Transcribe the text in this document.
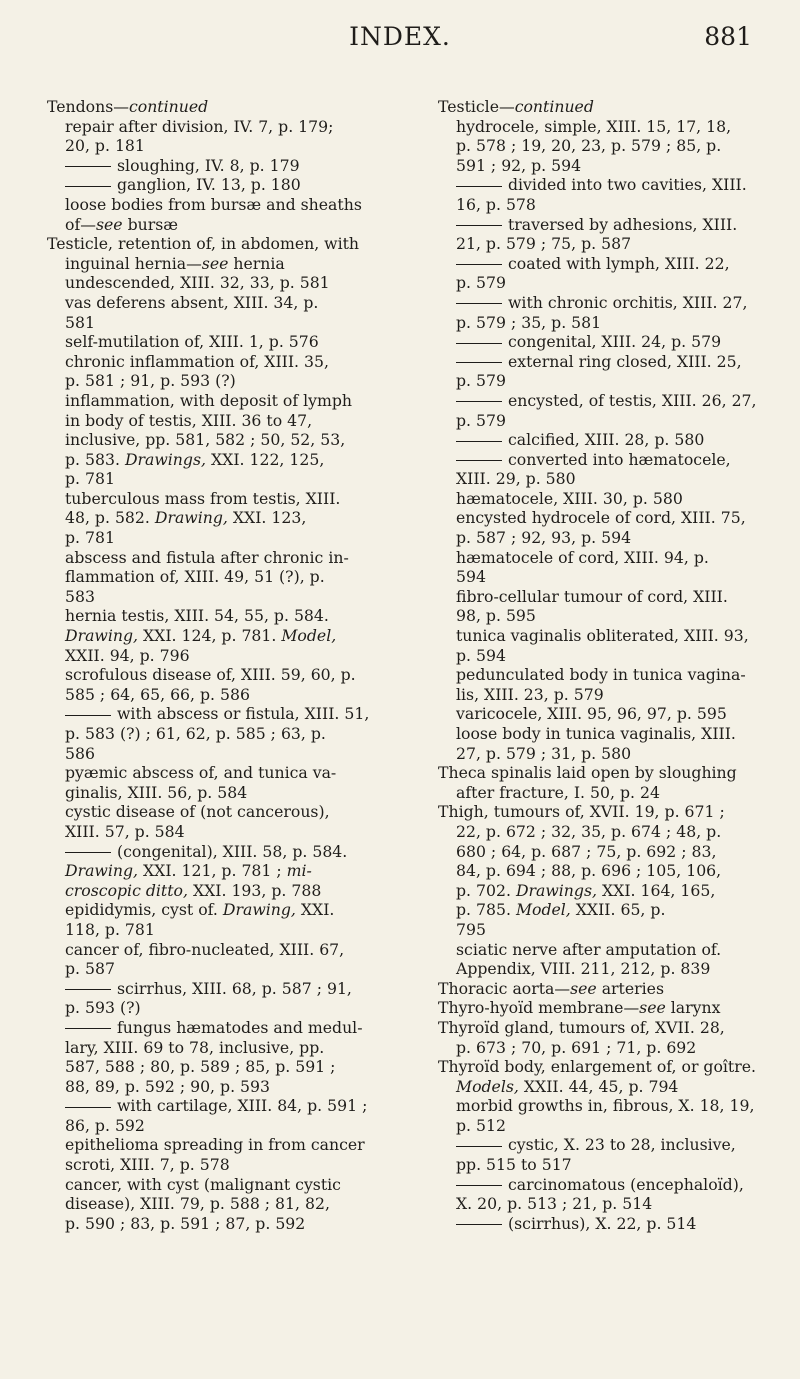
INDEX.	881
Tendons—continued
repair after division, IV. 7, p. 179;
20, p. 181
sloughing, IV. 8, p. 179
ganglion, IV. 13, p. 180
loose bodies from bursæ and sheaths
of—see bursæ
Testicle, retention of, in abdomen, with
inguinal hernia—see hernia
undescended, XIII. 32, 33, p. 581
vas deferens absent, XIII. 34, p.
581
self-mutilation of, XIII. 1, p. 576
chronic inflammation of, XIII. 35,
p. 581 ; 91, p. 593 (?)
inflammation, with deposit of lymph
in body of testis, XIII. 36 to 47,
inclusive, pp. 581, 582 ; 50, 52, 53,
p. 583. Drawings, XXI. 122, 125,
p. 781
tuberculous mass from testis, XIII.
48, p. 582. Drawing, XXI. 123,
p. 781
abscess and fistula after chronic in-
flammation of, XIII. 49, 51 (?), p.
583
hernia testis, XIII. 54, 55, p. 584.
Drawing, XXI. 124, p. 781. Model,
XXII. 94, p. 796
scrofulous disease of, XIII. 59, 60, p.
585 ; 64, 65, 66, p. 586
with abscess or fistula, XIII. 51,
p. 583 (?) ; 61, 62, p. 585 ; 63, p.
586
pyæmic abscess of, and tunica va-
ginalis, XIII. 56, p. 584
cystic disease of (not cancerous),
XIII. 57, p. 584
(congenital), XIII. 58, p. 584.
Drawing, XXI. 121, p. 781 ; mi-
croscopic ditto, XXI. 193, p. 788
epididymis, cyst of. Drawing, XXI.
118, p. 781
cancer of, fibro-nucleated, XIII. 67,
p. 587
scirrhus, XIII. 68, p. 587 ; 91,
p. 593 (?)
fungus hæmatodes and medul-
lary, XIII. 69 to 78, inclusive, pp.
587, 588 ; 80, p. 589 ; 85, p. 591 ;
88, 89, p. 592 ; 90, p. 593
with cartilage, XIII. 84, p. 591 ;
86, p. 592
epithelioma spreading in from cancer
scroti, XIII. 7, p. 578
cancer, with cyst (malignant cystic
disease), XIII. 79, p. 588 ; 81, 82,
p. 590 ; 83, p. 591 ; 87, p. 592
Testicle—continued
hydrocele, simple, XIII. 15, 17, 18,
p. 578 ; 19, 20, 23, p. 579 ; 85, p.
591 ; 92, p. 594
divided into two cavities, XIII.
16, p. 578
traversed by adhesions, XIII.
21, p. 579 ; 75, p. 587
coated with lymph, XIII. 22,
p. 579
with chronic orchitis, XIII. 27,
p. 579 ; 35, p. 581
congenital, XIII. 24, p. 579
external ring closed, XIII. 25,
p. 579
encysted, of testis, XIII. 26, 27,
p. 579
calcified, XIII. 28, p. 580
converted into hæmatocele,
XIII. 29, p. 580
hæmatocele, XIII. 30, p. 580
encysted hydrocele of cord, XIII. 75,
p. 587 ; 92, 93, p. 594
hæmatocele of cord, XIII. 94, p.
594
fibro-cellular tumour of cord, XIII.
98, p. 595
tunica vaginalis obliterated, XIII. 93,
p. 594
pedunculated body in tunica vagina-
lis, XIII. 23, p. 579
varicocele, XIII. 95, 96, 97, p. 595
loose body in tunica vaginalis, XIII.
27, p. 579 ; 31, p. 580
Theca spinalis laid open by sloughing
after fracture, I. 50, p. 24
Thigh, tumours of, XVII. 19, p. 671 ;
22, p. 672 ; 32, 35, p. 674 ; 48, p.
680 ; 64, p. 687 ; 75, p. 692 ; 83,
84, p. 694 ; 88, p. 696 ; 105, 106,
p. 702. Drawings, XXI. 164, 165,
p. 785. Model, XXII. 65, p.
795
sciatic nerve after amputation of.
Appendix, VIII. 211, 212, p. 839
Thoracic aorta—see arteries
Thyro-hyoïd membrane—see larynx
Thyroïd gland, tumours of, XVII. 28,
p. 673 ; 70, p. 691 ; 71, p. 692
Thyroïd body, enlargement of, or goître.
Models, XXII. 44, 45, p. 794
morbid growths in, fibrous, X. 18, 19,
p. 512
cystic, X. 23 to 28, inclusive,
pp. 515 to 517
carcinomatous (encephaloïd),
X. 20, p. 513 ; 21, p. 514
(scirrhus), X. 22, p. 514
